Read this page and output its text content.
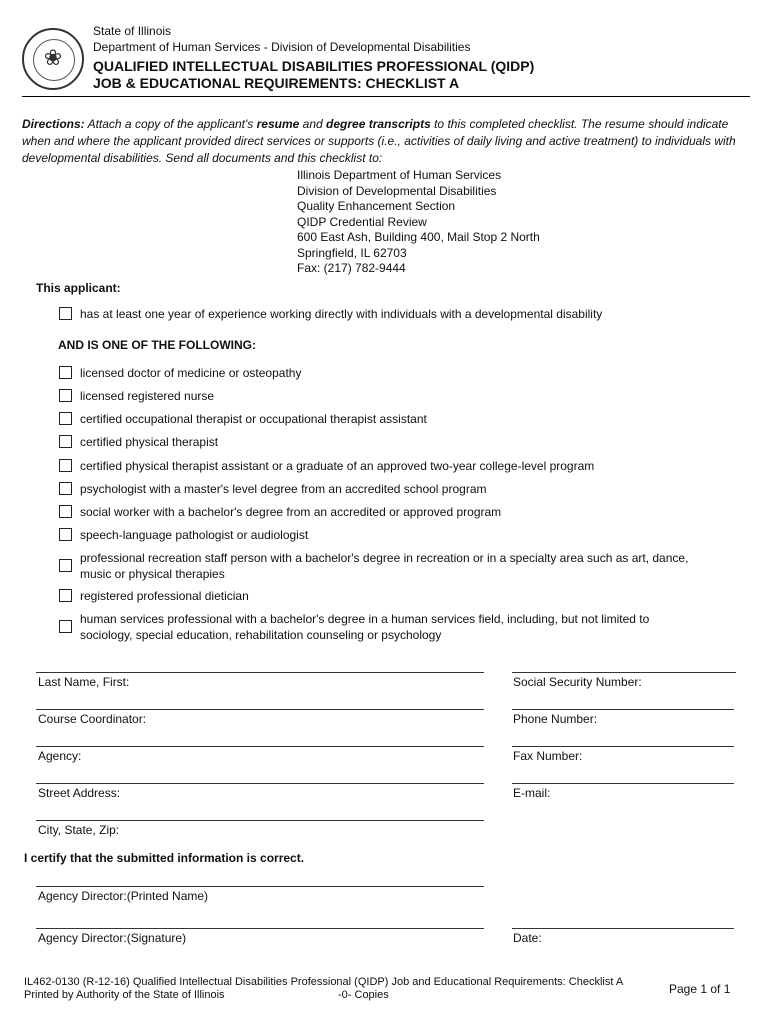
❀
State of Illinois
Department of Human Services - Division of Developmental Disabilities
QUALIFIED INTELLECTUAL DISABILITIES PROFESSIONAL (QIDP)
JOB & EDUCATIONAL REQUIREMENTS: CHECKLIST A
Directions: Attach a copy of the applicant's resume and degree transcripts to this completed checklist. The resume should indicate when and where the applicant provided direct services or supports (i.e., activities of daily living and active treatment) to individuals with developmental disabilities. Send all documents and this checklist to:
Illinois Department of Human Services
Division of Developmental Disabilities
Quality Enhancement Section
QIDP Credential Review
600 East Ash, Building 400, Mail Stop 2 North
Springfield, IL 62703
Fax: (217) 782-9444
This applicant:
has at least one year of experience working directly with individuals with a developmental disability
AND IS ONE OF THE FOLLOWING:
licensed doctor of medicine or osteopathy
licensed registered nurse
certified occupational therapist or occupational therapist assistant
certified physical therapist
certified physical therapist assistant or a graduate of an approved two-year college-level program
psychologist with a master's level degree from an accredited school program
social worker with a bachelor's degree from an accredited or approved program
speech-language pathologist or audiologist
professional recreation staff person with a bachelor's degree in recreation or in a specialty area such as art, dance, music or physical therapies
registered professional dietician
human services professional with a bachelor's degree in a human services field, including, but not limited to sociology, special education, rehabilitation counseling or psychology
Last Name, First:	Social Security Number:
Course Coordinator:	Phone Number:
Agency:	Fax Number:
Street Address:	E-mail:
City, State, Zip:
I certify that the submitted information is correct.
Agency Director:(Printed Name)
Agency Director:(Signature)	Date:
IL462-0130 (R-12-16) Qualified Intellectual Disabilities Professional (QIDP) Job and Educational Requirements: Checklist A
Printed by Authority of the State of Illinois	-0- Copies	Page 1 of 1
